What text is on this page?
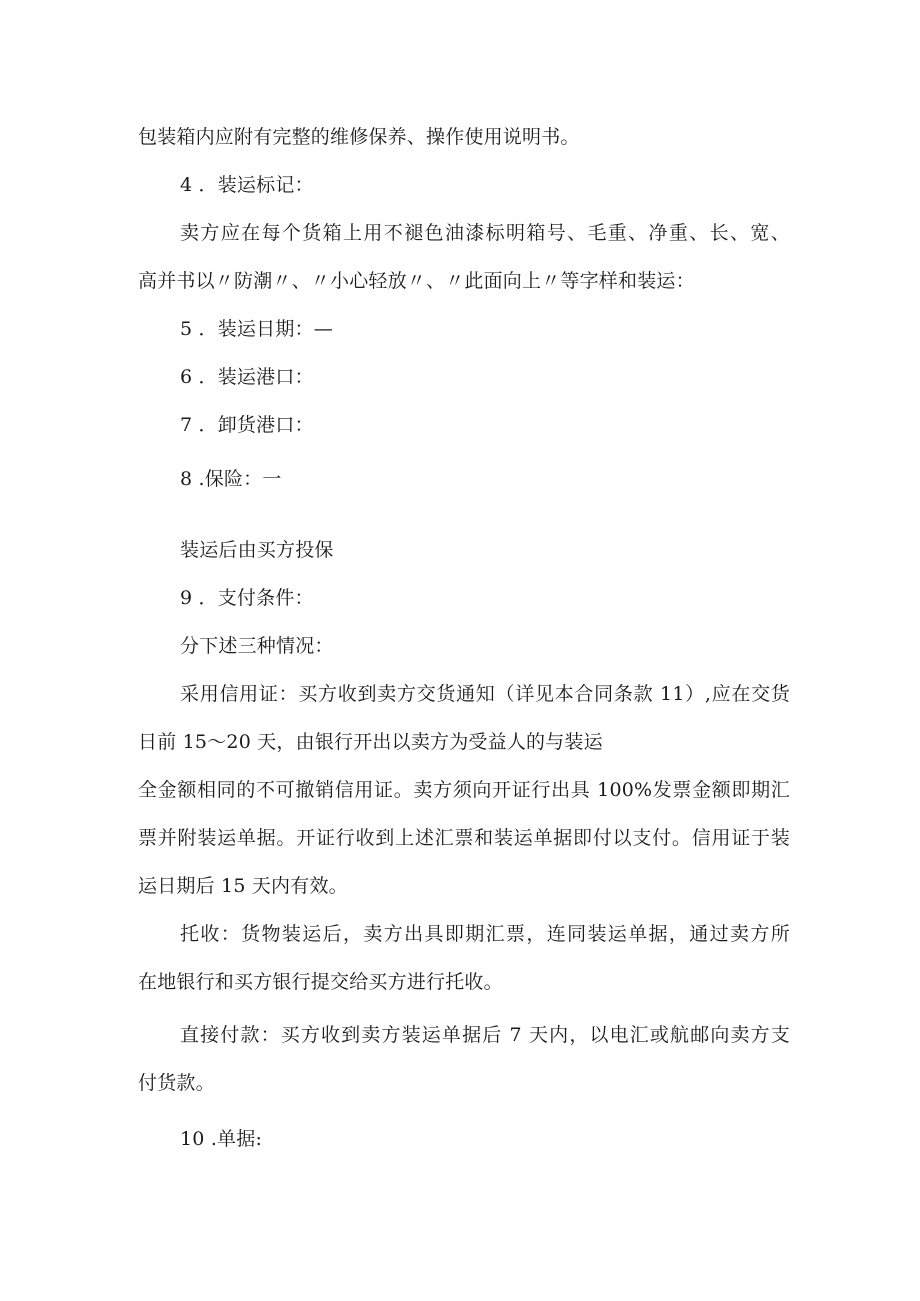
包装箱内应附有完整的维修保养、操作使用说明书。
4 ．装运标记：
卖方应在每个货箱上用不褪色油漆标明箱号、毛重、净重、长、宽、
高并书以〃防潮〃、〃小心轻放〃、〃此面向上〃等字样和装运：
5 ．装运日期：—
6 ．装运港口：
7 ．卸货港口：
8 .保险：一
装运后由买方投保
9 ．支付条件：
分下述三种情况：
采用信用证：买方收到卖方交货通知（详见本合同条款 11）,应在交货
日前 15～20 天，由银行开出以卖方为受益人的与装运
全金额相同的不可撤销信用证。卖方须向开证行出具 100%发票金额即期汇
票并附装运单据。开证行收到上述汇票和装运单据即付以支付。信用证于装
运日期后 15 天内有效。
托收：货物装运后，卖方出具即期汇票，连同装运单据，通过卖方所
在地银行和买方银行提交给买方进行托收。
直接付款：买方收到卖方装运单据后 7 天内，以电汇或航邮向卖方支
付货款。
10 .单据:
